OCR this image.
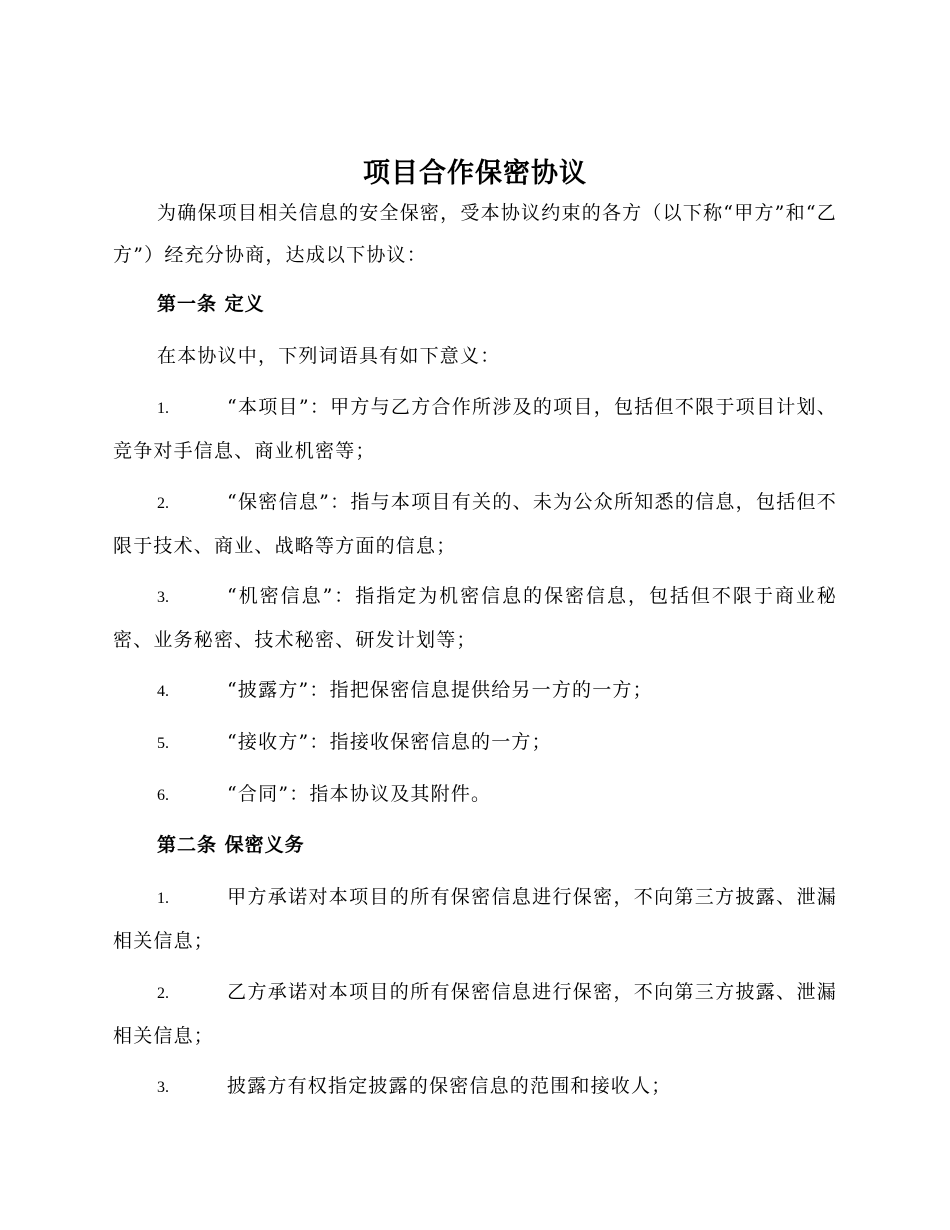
项目合作保密协议

为确保项目相关信息的安全保密，受本协议约束的各方（以下称“甲方”和“乙方”）经充分协商，达成以下协议：

第一条 定义

在本协议中，下列词语具有如下意义：

1.	“本项目”：甲方与乙方合作所涉及的项目，包括但不限于项目计划、竞争对手信息、商业机密等；

2.	“保密信息”：指与本项目有关的、未为公众所知悉的信息，包括但不限于技术、商业、战略等方面的信息；

3.	“机密信息”：指指定为机密信息的保密信息，包括但不限于商业秘密、业务秘密、技术秘密、研发计划等；

4.	“披露方”：指把保密信息提供给另一方的一方；

5.	“接收方”：指接收保密信息的一方；

6.	“合同”：指本协议及其附件。

第二条 保密义务

1.	甲方承诺对本项目的所有保密信息进行保密，不向第三方披露、泄漏相关信息；

2.	乙方承诺对本项目的所有保密信息进行保密，不向第三方披露、泄漏相关信息；

3.	披露方有权指定披露的保密信息的范围和接收人；
